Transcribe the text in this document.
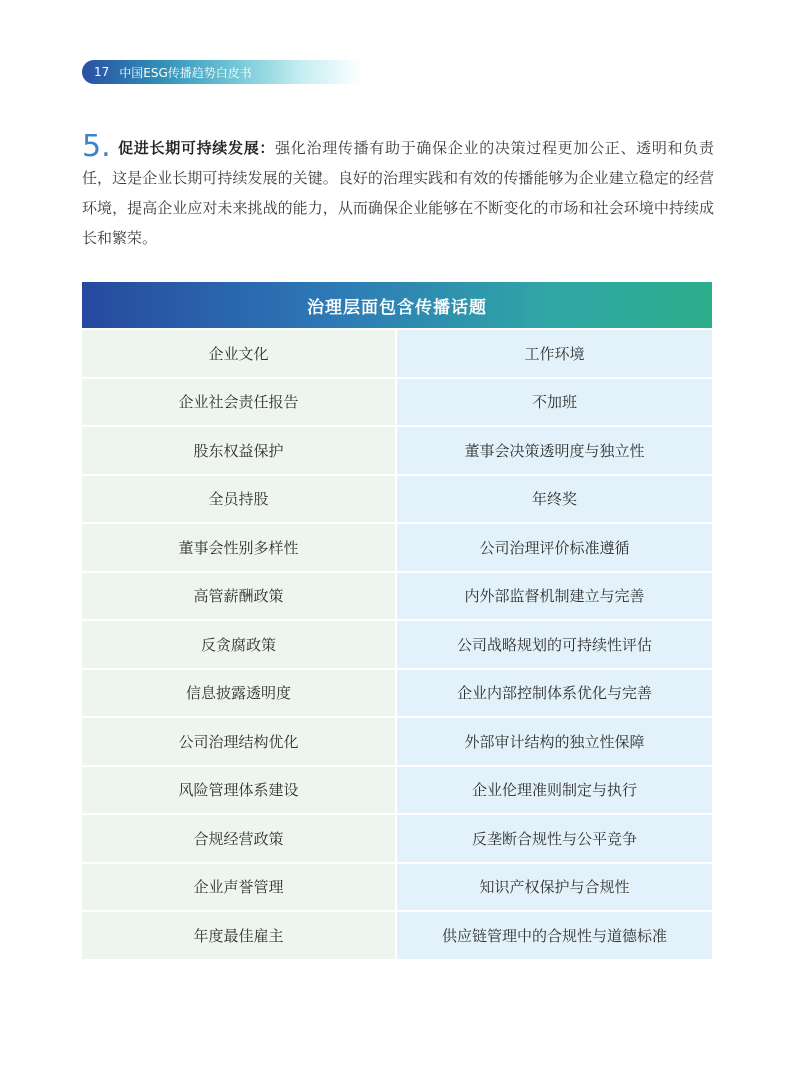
17 中国ESG传播趋势白皮书
5. 促进长期可持续发展：强化治理传播有助于确保企业的决策过程更加公正、透明和负责任，这是企业长期可持续发展的关键。良好的治理实践和有效的传播能够为企业建立稳定的经营环境，提高企业应对未来挑战的能力，从而确保企业能够在不断变化的市场和社会环境中持续成长和繁荣。
治理层面包含传播话题
企业文化	工作环境
企业社会责任报告	不加班
股东权益保护	董事会决策透明度与独立性
全员持股	年终奖
董事会性别多样性	公司治理评价标准遵循
高管薪酬政策	内外部监督机制建立与完善
反贪腐政策	公司战略规划的可持续性评估
信息披露透明度	企业内部控制体系优化与完善
公司治理结构优化	外部审计结构的独立性保障
风险管理体系建设	企业伦理准则制定与执行
合规经营政策	反垄断合规性与公平竞争
企业声誉管理	知识产权保护与合规性
年度最佳雇主	供应链管理中的合规性与道德标准
